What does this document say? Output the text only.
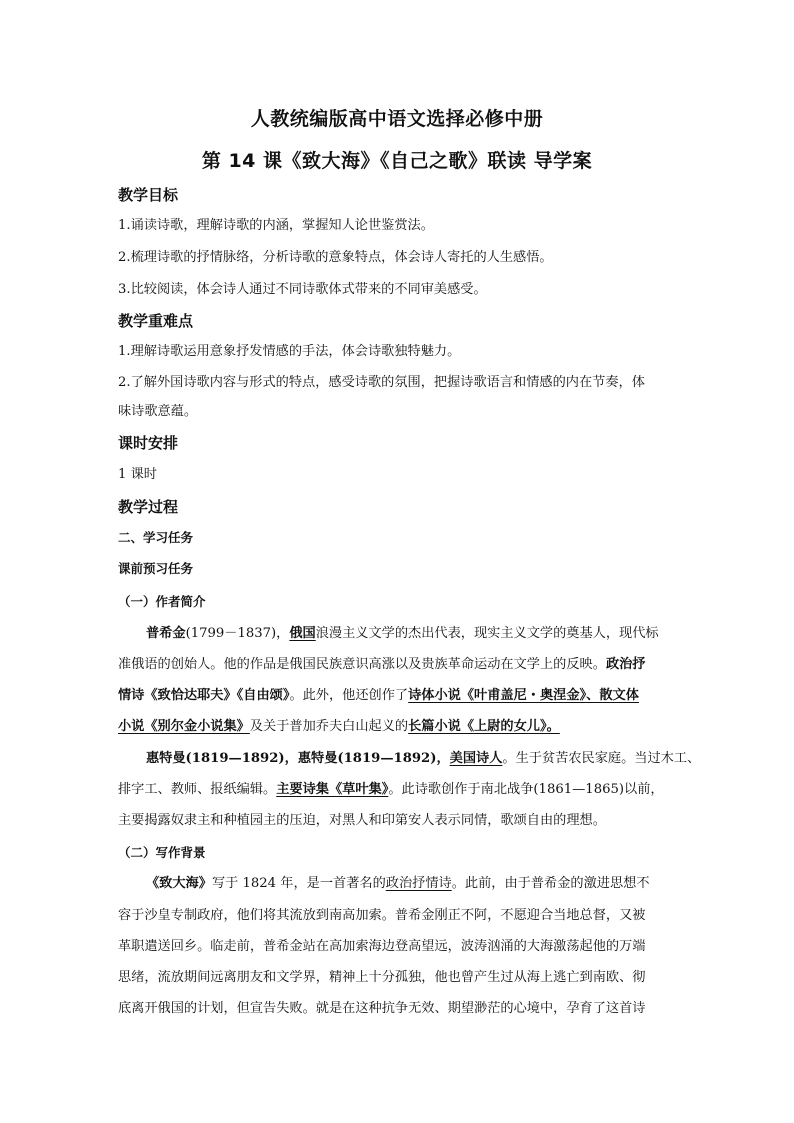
人教统编版高中语文选择必修中册
第 14 课《致大海》《自己之歌》联读 导学案
教学目标
1.诵读诗歌，理解诗歌的内涵，掌握知人论世鉴赏法。
2.梳理诗歌的抒情脉络，分析诗歌的意象特点，体会诗人寄托的人生感悟。
3.比较阅读，体会诗人通过不同诗歌体式带来的不同审美感受。
教学重难点
1.理解诗歌运用意象抒发情感的手法，体会诗歌独特魅力。
2.了解外国诗歌内容与形式的特点，感受诗歌的氛围，把握诗歌语言和情感的内在节奏，体
味诗歌意蕴。
课时安排
1 课时
教学过程
二、学习任务
课前预习任务
（一）作者简介
普希金(1799－1837)，俄国浪漫主义文学的杰出代表，现实主义文学的奠基人，现代标
准俄语的创始人。他的作品是俄国民族意识高涨以及贵族革命运动在文学上的反映。政治抒
情诗《致恰达耶夫》《自由颂》。此外，他还创作了诗体小说《叶甫盖尼・奥涅金》、散文体
小说《别尔金小说集》及关于普加乔夫白山起义的长篇小说《上尉的女儿》。
惠特曼(1819—1892)，惠特曼(1819—1892)，美国诗人。生于贫苦农民家庭。当过木工、
排字工、教师、报纸编辑。主要诗集《草叶集》。此诗歌创作于南北战争(1861—1865)以前，
主要揭露奴隶主和种植园主的压迫，对黑人和印第安人表示同情，歌颂自由的理想。
（二）写作背景
《致大海》写于 1824 年，是一首著名的政治抒情诗。此前，由于普希金的激进思想不
容于沙皇专制政府，他们将其流放到南高加索。普希金刚正不阿，不愿迎合当地总督，又被
革职遣送回乡。临走前，普希金站在高加索海边登高望远，波涛汹涌的大海激荡起他的万端
思绪，流放期间远离朋友和文学界，精神上十分孤独，他也曾产生过从海上逃亡到南欧、彻
底离开俄国的计划，但宣告失败。就是在这种抗争无效、期望渺茫的心境中，孕育了这首诗
